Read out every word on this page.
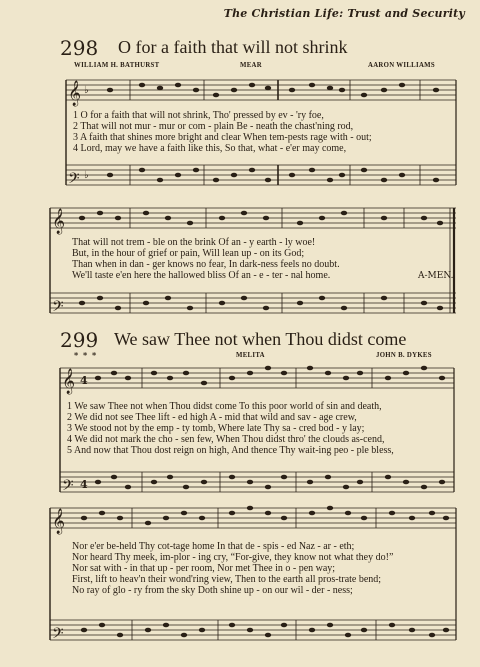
The Christian Life: Trust and Security
298 O for a faith that will not shrink
WILLIAM H. BATHURST	MEAR	AARON WILLIAMS
𝄞
𝄢
♭
♭
1 O for a faith that will not shrink, Tho' pressed by ev - 'ry foe,
2 That will not mur - mur or com - plain Be - neath the chast'ning rod,
3 A faith that shines more bright and clear When tem-pests rage with - out;
4 Lord, may we have a faith like this, So that, what - e'er may come,
𝄞
𝄢
That will not trem - ble on the brink Of an - y earth - ly woe!
But, in the hour of grief or pain, Will lean up - on its God;
Than when in dan - ger knows no fear, In dark-ness feels no doubt.
We'll taste e'en here the hallowed bliss Of an - e - ter - nal home.	A-MEN.
299 We saw Thee not when Thou didst come
* * *	MELITA	JOHN B. DYKES
𝄞
𝄢
4
4
1 We saw Thee not when Thou didst come To this poor world of sin and death,
2 We did not see Thee lift - ed high A - mid that wild and sav - age crew,
3 We stood not by the emp - ty tomb, Where late Thy sa - cred bod - y lay;
4 We did not mark the cho - sen few, When Thou didst thro' the clouds as-cend,
5 And now that Thou dost reign on high, And thence Thy wait-ing peo - ple bless,
𝄞
𝄢
Nor e'er be-held Thy cot-tage home In that de - spis - ed Naz - ar - eth;
Nor heard Thy meek, im-plor - ing cry, “For-give, they know not what they do!”
Nor sat with - in that up - per room, Nor met Thee in o - pen way;
First, lift to heav'n their wond'ring view, Then to the earth all pros-trate bend;
No ray of glo - ry from the sky Doth shine up - on our wil - der - ness;
